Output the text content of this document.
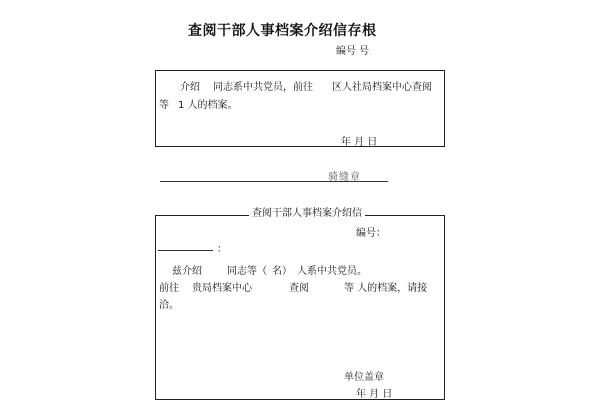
查阅干部人事档案介绍信存根
编号 号
介绍 同志系中共党员，前往 区人社局档案中心查阅
等 1 人的档案。
年 月 日
骑缝章
查阅干部人事档案介绍信
编号：
：
兹介绍	同志等（ 名） 人系中共党员。
前往 贵局档案中心	查阅	等 人的档案，请接
洽。
单位盖章
年 月 日
